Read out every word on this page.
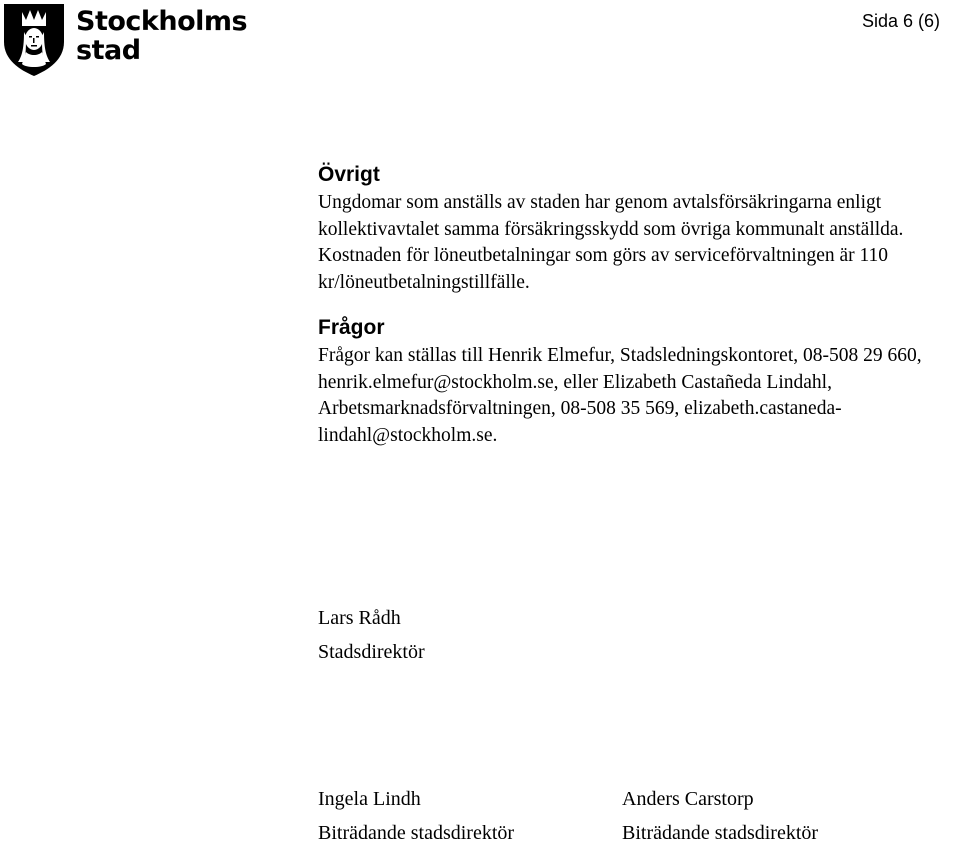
Stockholms
stad
Sida 6 (6)
Övrigt

Ungdomar som anställs av staden har genom avtalsförsäkringarna enligt kollektivavtalet samma försäkringsskydd som övriga kommunalt anställda. Kostnaden för löneutbetalningar som görs av serviceförvaltningen är 110 kr/löneutbetalningstillfälle.

Frågor

Frågor kan ställas till Henrik Elmefur, Stadsledningskontoret, 08-508 29 660, henrik.elmefur@stockholm.se, eller Elizabeth Castañeda Lindahl, Arbetsmarknadsförvaltningen, 08-508 35 569, elizabeth.castaneda-lindahl@stockholm.se.

Lars Rådh
Stadsdirektör
Ingela Lindh
Biträdande stadsdirektör
Anders Carstorp
Biträdande stadsdirektör
